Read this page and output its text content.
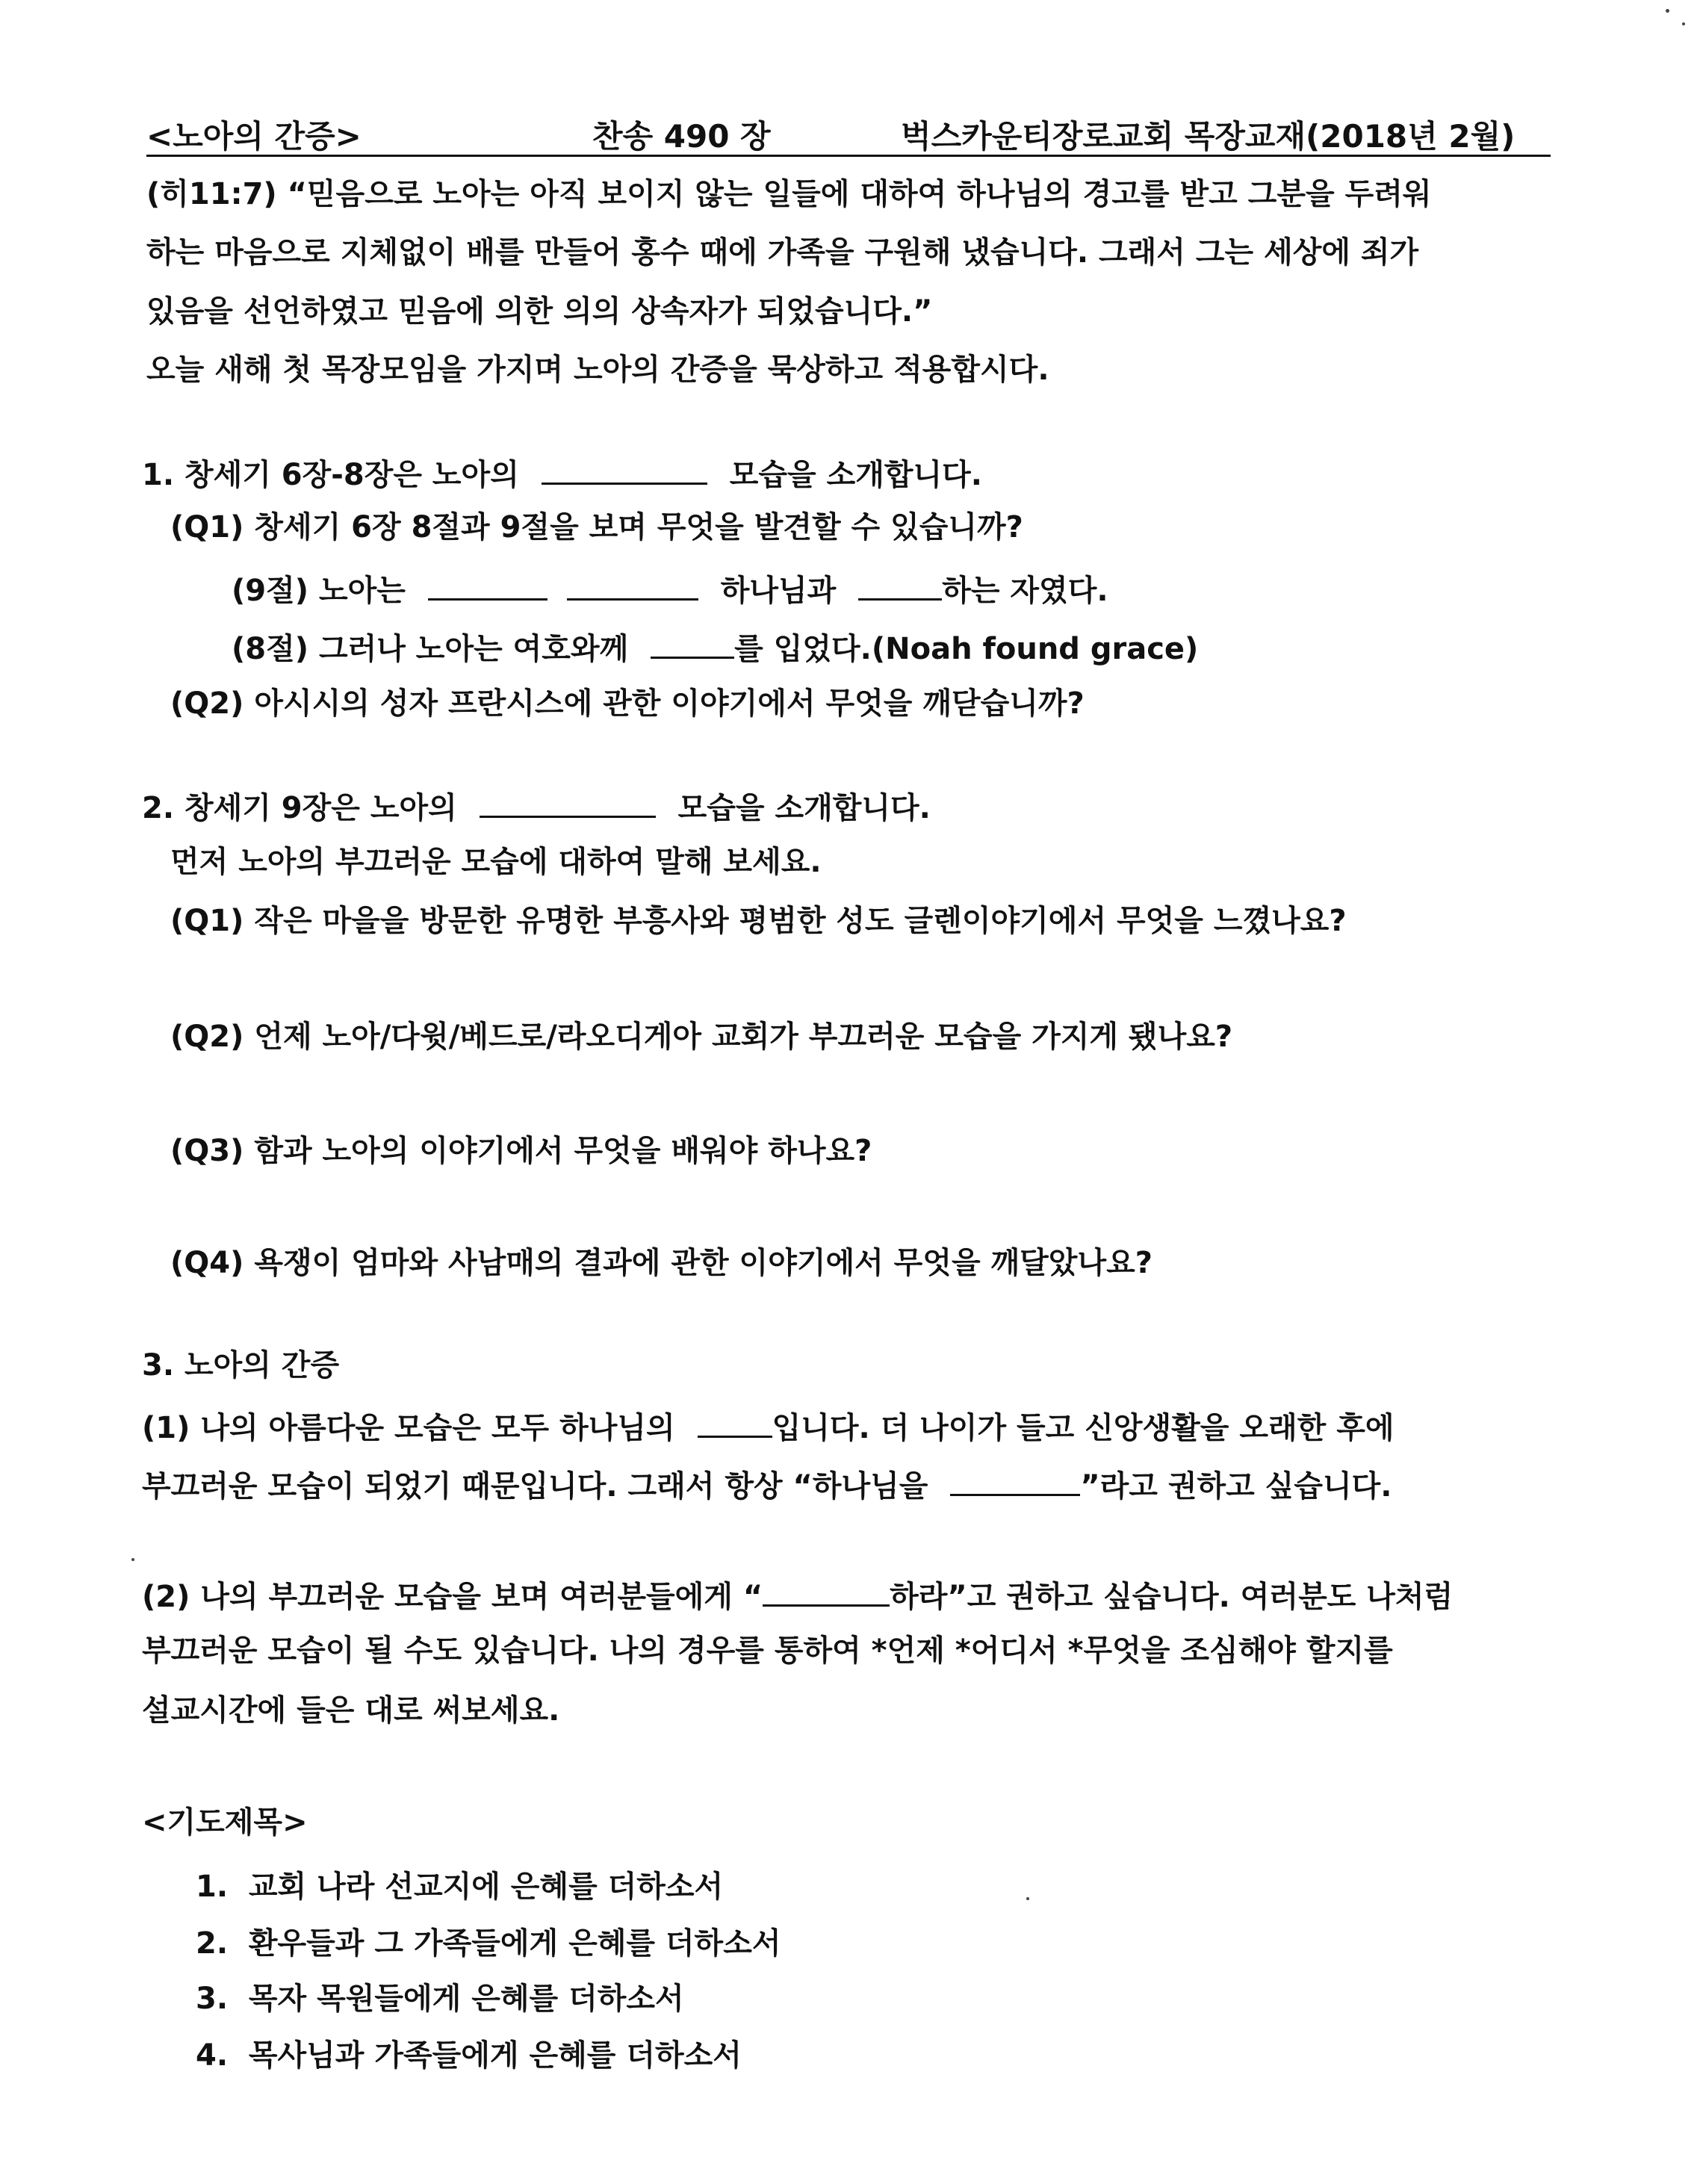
<노아의 간증>	찬송 490 장	벅스카운티장로교회 목장교재(2018년 2월)
(히11:7) “믿음으로 노아는 아직 보이지 않는 일들에 대하여 하나님의 경고를 받고 그분을 두려워
하는 마음으로 지체없이 배를 만들어 홍수 때에 가족을 구원해 냈습니다. 그래서 그는 세상에 죄가
있음을 선언하였고 믿음에 의한 의의 상속자가 되었습니다.”
오늘 새해 첫 목장모임을 가지며 노아의 간증을 묵상하고 적용합시다.
1. 창세기 6장-8장은 노아의	모습을 소개합니다.
(Q1) 창세기 6장 8절과 9절을 보며 무엇을 발견할 수 있습니까?
(9절) 노아는	하나님과	하는 자였다.
(8절) 그러나 노아는 여호와께	를 입었다.(Noah found grace)
(Q2) 아시시의 성자 프란시스에 관한 이야기에서 무엇을 깨닫습니까?
2. 창세기 9장은 노아의	모습을 소개합니다.
먼저 노아의 부끄러운 모습에 대하여 말해 보세요.
(Q1) 작은 마을을 방문한 유명한 부흥사와 평범한 성도 글렌이야기에서 무엇을 느꼈나요?
(Q2) 언제 노아/다윗/베드로/라오디게아 교회가 부끄러운 모습을 가지게 됐나요?
(Q3) 함과 노아의 이야기에서 무엇을 배워야 하나요?
(Q4) 욕쟁이 엄마와 사남매의 결과에 관한 이야기에서 무엇을 깨달았나요?
3. 노아의 간증
(1) 나의 아름다운 모습은 모두 하나님의	입니다. 더 나이가 들고 신앙생활을 오래한 후에
부끄러운 모습이 되었기 때문입니다. 그래서 항상 “하나님을	”라고 권하고 싶습니다.
(2) 나의 부끄러운 모습을 보며 여러분들에게 “	하라”고 권하고 싶습니다. 여러분도 나처럼
부끄러운 모습이 될 수도 있습니다. 나의 경우를 통하여 *언제 *어디서 *무엇을 조심해야 할지를
설교시간에 들은 대로 써보세요.
<기도제목>
1. 교회 나라 선교지에 은혜를 더하소서
2. 환우들과 그 가족들에게 은혜를 더하소서
3. 목자 목원들에게 은혜를 더하소서
4. 목사님과 가족들에게 은혜를 더하소서
